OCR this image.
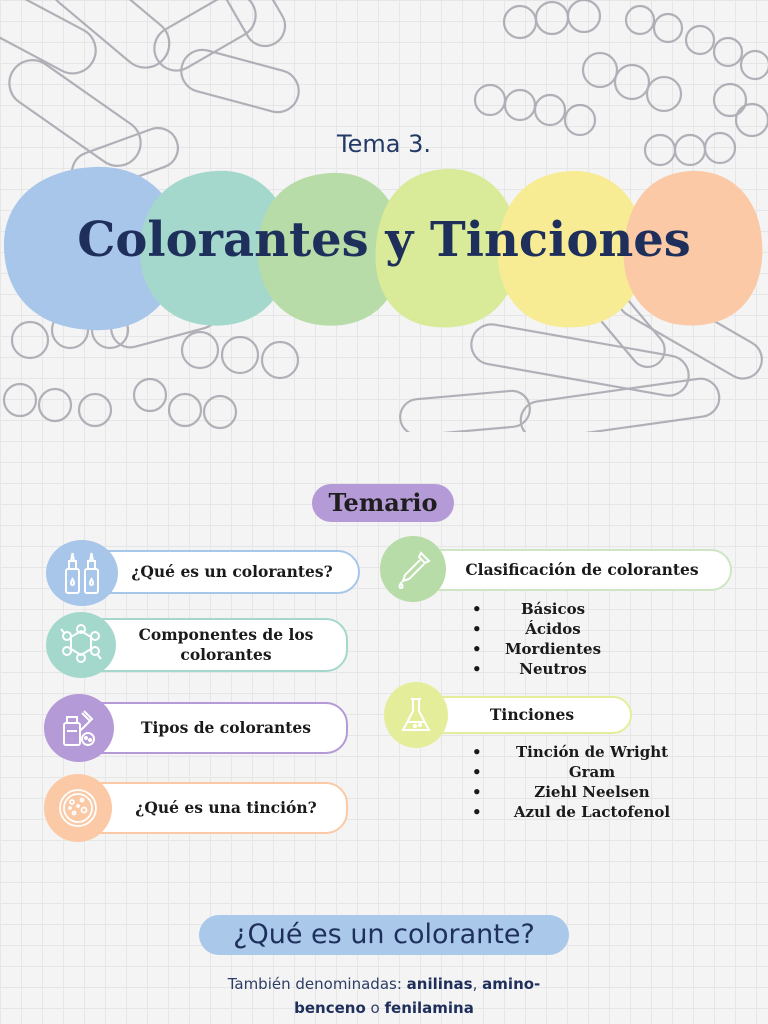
Tema 3.
Colorantes y Tinciones
Temario
¿Qué es un colorantes?
Componentes de los colorantes
Tipos de colorantes
¿Qué es una tinción?
Clasificación de colorantes
• Básicos
• Ácidos
• Mordientes
• Neutros
Tinciones
• Tinción de Wright
• Gram
• Ziehl Neelsen
• Azul de Lactofenol
¿Qué es un colorante?
También denominadas: anilinas, amino-
benceno o fenilamina
